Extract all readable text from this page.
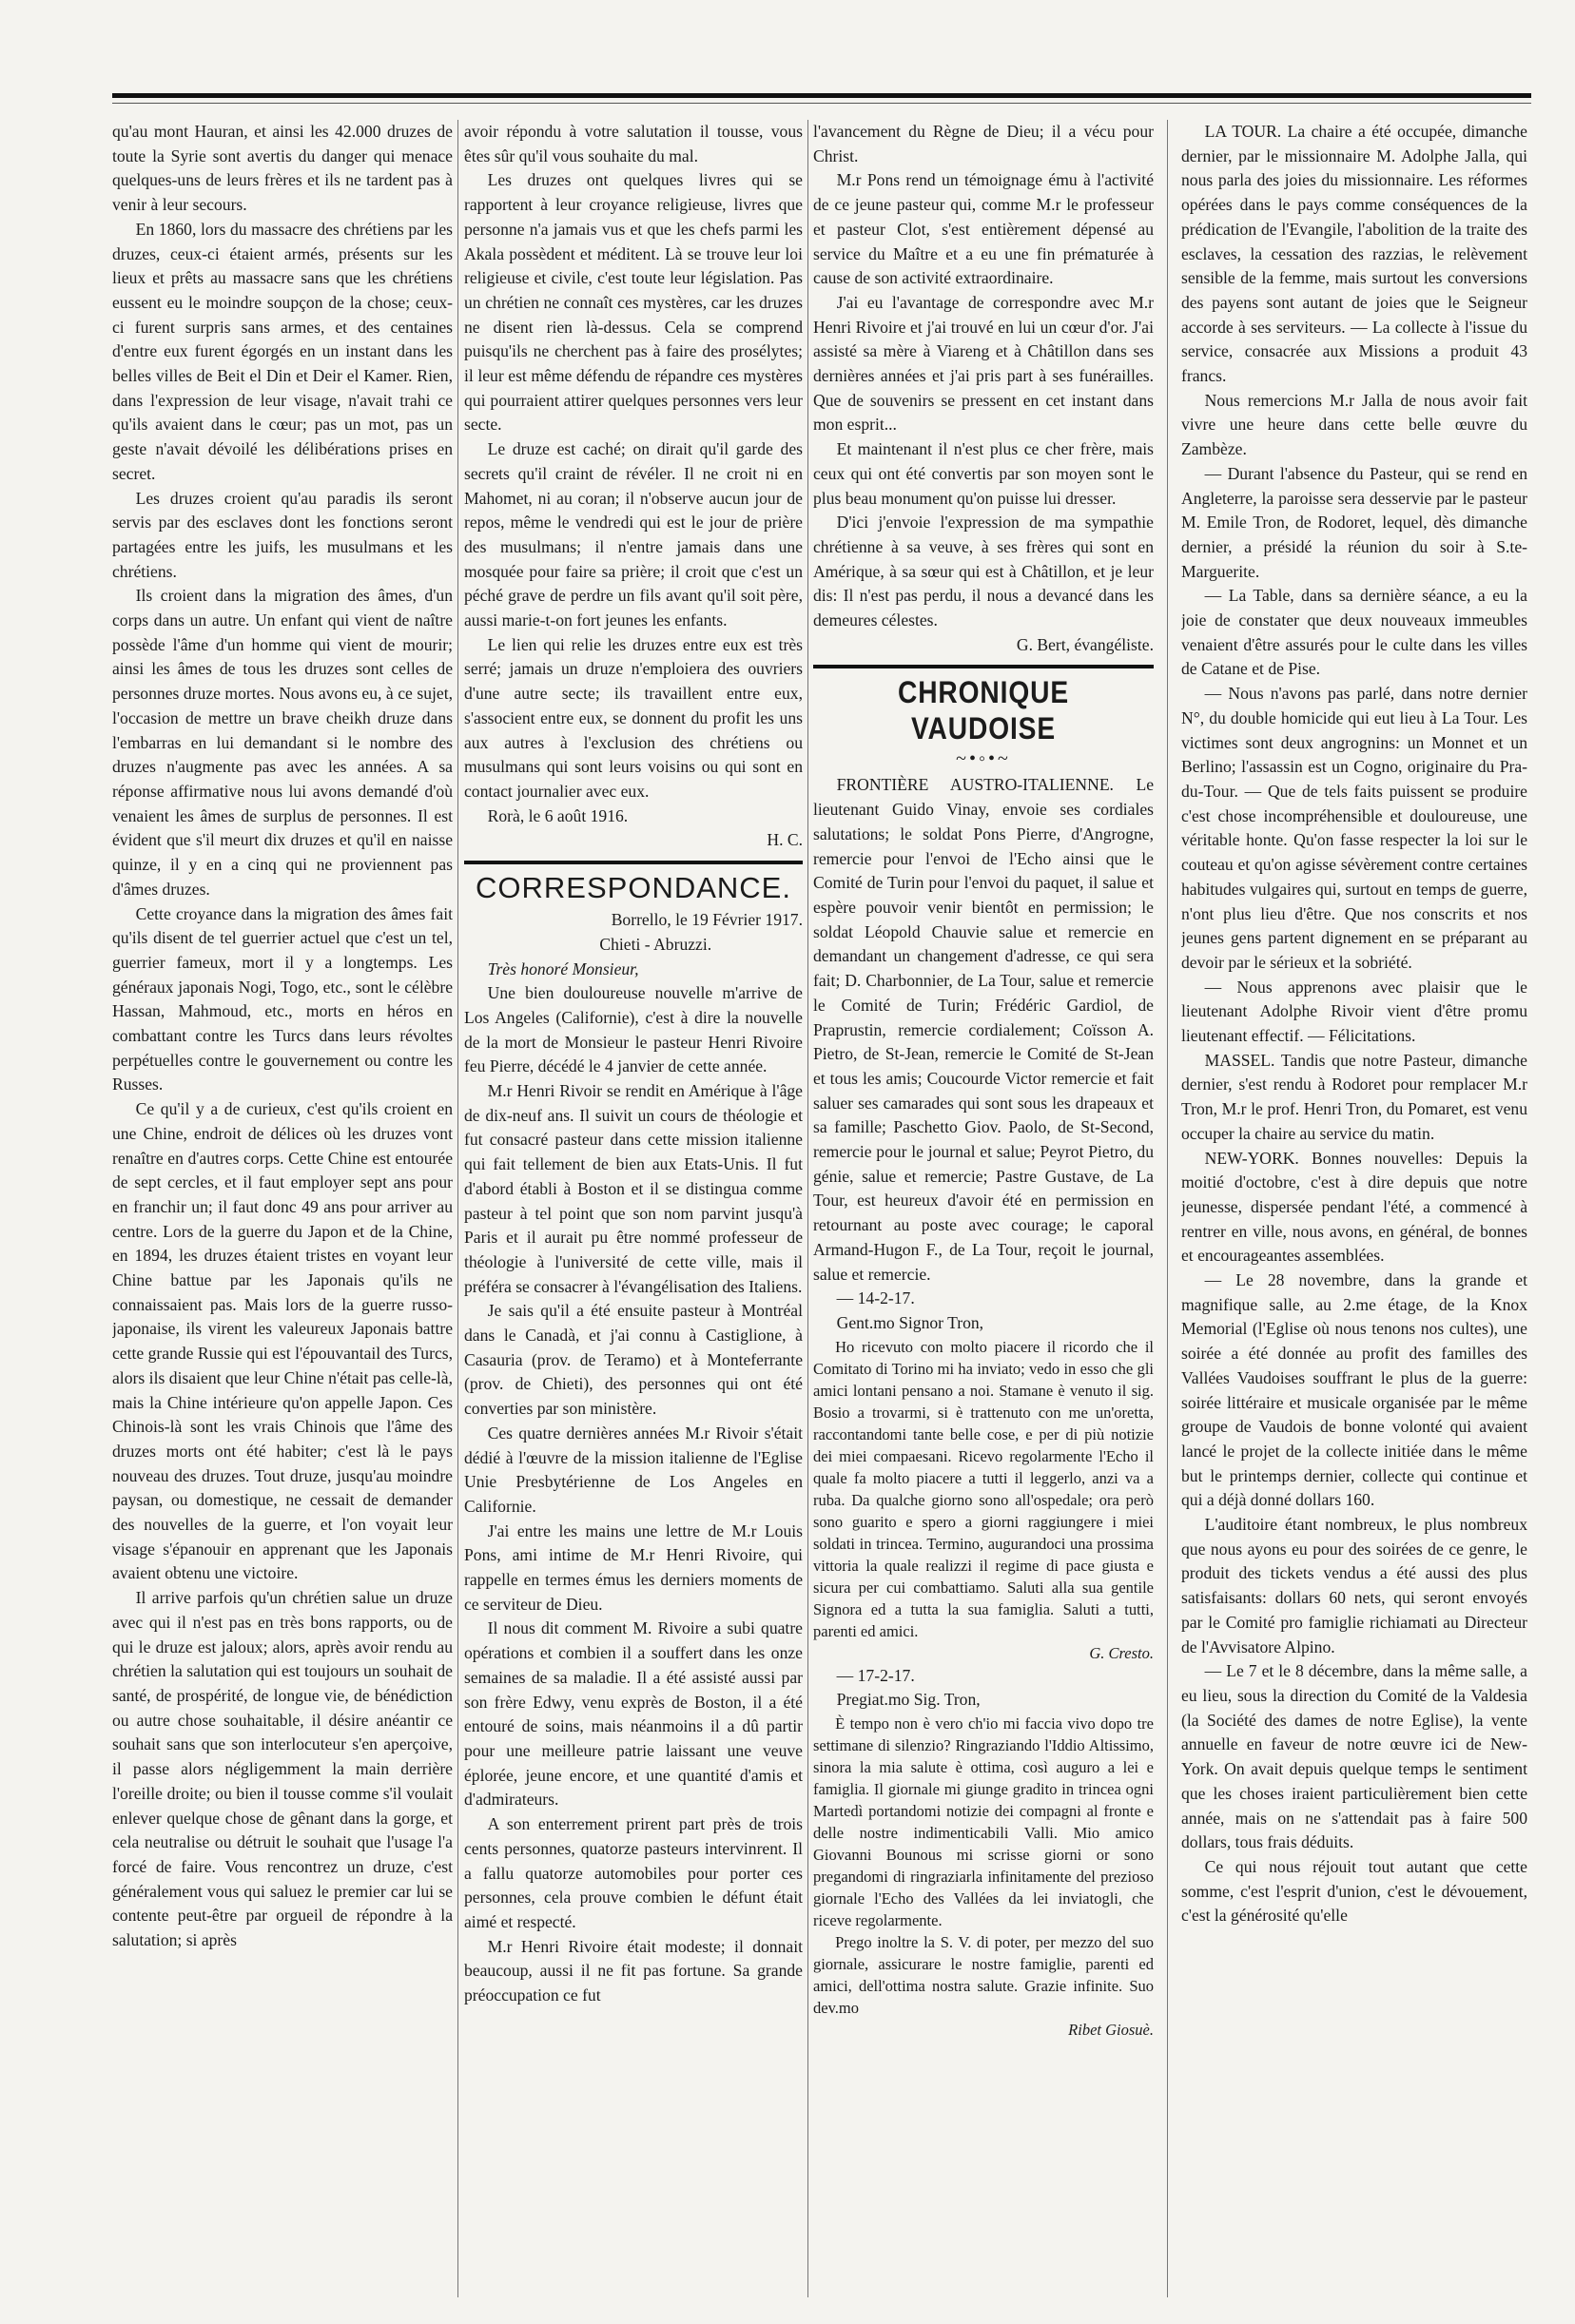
qu'au mont Hauran, et ainsi les 42.000 druzes de toute la Syrie sont avertis du danger qui menace quelques-uns de leurs frères et ils ne tardent pas à venir à leur secours.

En 1860, lors du massacre des chrétiens par les druzes, ceux-ci étaient armés, présents sur les lieux et prêts au massacre sans que les chrétiens eussent eu le moindre soupçon de la chose; ceux-ci furent surpris sans armes, et des centaines d'entre eux furent égorgés en un instant dans les belles villes de Beit el Din et Deir el Kamer. Rien, dans l'expression de leur visage, n'avait trahi ce qu'ils avaient dans le cœur; pas un mot, pas un geste n'avait dévoilé les délibérations prises en secret.

Les druzes croient qu'au paradis ils seront servis par des esclaves dont les fonctions seront partagées entre les juifs, les musulmans et les chrétiens.

Ils croient dans la migration des âmes, d'un corps dans un autre. Un enfant qui vient de naître possède l'âme d'un homme qui vient de mourir; ainsi les âmes de tous les druzes sont celles de personnes druze mortes. Nous avons eu, à ce sujet, l'occasion de mettre un brave cheikh druze dans l'embarras en lui demandant si le nombre des druzes n'augmente pas avec les années. A sa réponse affirmative nous lui avons demandé d'où venaient les âmes de surplus de personnes. Il est évident que s'il meurt dix druzes et qu'il en naisse quinze, il y en a cinq qui ne proviennent pas d'âmes druzes.

Cette croyance dans la migration des âmes fait qu'ils disent de tel guerrier actuel que c'est un tel, guerrier fameux, mort il y a longtemps. Les généraux japonais Nogi, Togo, etc., sont le célèbre Hassan, Mahmoud, etc., morts en héros en combattant contre les Turcs dans leurs révoltes perpétuelles contre le gouvernement ou contre les Russes.

Ce qu'il y a de curieux, c'est qu'ils croient en une Chine, endroit de délices où les druzes vont renaître en d'autres corps. Cette Chine est entourée de sept cercles, et il faut employer sept ans pour en franchir un; il faut donc 49 ans pour arriver au centre. Lors de la guerre du Japon et de la Chine, en 1894, les druzes étaient tristes en voyant leur Chine battue par les Japonais qu'ils ne connaissaient pas. Mais lors de la guerre russo-japonaise, ils virent les valeureux Japonais battre cette grande Russie qui est l'épouvantail des Turcs, alors ils disaient que leur Chine n'était pas celle-là, mais la Chine intérieure qu'on appelle Japon. Ces Chinois-là sont les vrais Chinois que l'âme des druzes morts ont été habiter; c'est là le pays nouveau des druzes. Tout druze, jusqu'au moindre paysan, ou domestique, ne cessait de demander des nouvelles de la guerre, et l'on voyait leur visage s'épanouir en apprenant que les Japonais avaient obtenu une victoire.

Il arrive parfois qu'un chrétien salue un druze avec qui il n'est pas en très bons rapports, ou de qui le druze est jaloux; alors, après avoir rendu au chrétien la salutation qui est toujours un souhait de santé, de prospérité, de longue vie, de bénédiction ou autre chose souhaitable, il désire anéantir ce souhait sans que son interlocuteur s'en aperçoive, il passe alors négligemment la main derrière l'oreille droite; ou bien il tousse comme s'il voulait enlever quelque chose de gênant dans la gorge, et cela neutralise ou détruit le souhait que l'usage l'a forcé de faire. Vous rencontrez un druze, c'est généralement vous qui saluez le premier car lui se contente peut-être par orgueil de répondre à la salutation; si après

avoir répondu à votre salutation il tousse, vous êtes sûr qu'il vous souhaite du mal.

Les druzes ont quelques livres qui se rapportent à leur croyance religieuse, livres que personne n'a jamais vus et que les chefs parmi les Akala possèdent et méditent. Là se trouve leur loi religieuse et civile, c'est toute leur législation. Pas un chrétien ne connaît ces mystères, car les druzes ne disent rien là-dessus. Cela se comprend puisqu'ils ne cherchent pas à faire des prosélytes; il leur est même défendu de répandre ces mystères qui pourraient attirer quelques personnes vers leur secte.

Le druze est caché; on dirait qu'il garde des secrets qu'il craint de révéler. Il ne croit ni en Mahomet, ni au coran; il n'observe aucun jour de repos, même le vendredi qui est le jour de prière des musulmans; il n'entre jamais dans une mosquée pour faire sa prière; il croit que c'est un péché grave de perdre un fils avant qu'il soit père, aussi marie-t-on fort jeunes les enfants.

Le lien qui relie les druzes entre eux est très serré; jamais un druze n'emploiera des ouvriers d'une autre secte; ils travaillent entre eux, s'associent entre eux, se donnent du profit les uns aux autres à l'exclusion des chrétiens ou musulmans qui sont leurs voisins ou qui sont en contact journalier avec eux.

Rorà, le 6 août 1916.

H. C.

CORRESPONDANCE.

Borrello, le 19 Février 1917.

Chieti - Abruzzi.

Très honoré Monsieur,

Une bien douloureuse nouvelle m'arrive de Los Angeles (Californie), c'est à dire la nouvelle de la mort de Monsieur le pasteur Henri Rivoire feu Pierre, décédé le 4 janvier de cette année.

M.r Henri Rivoir se rendit en Amérique à l'âge de dix-neuf ans. Il suivit un cours de théologie et fut consacré pasteur dans cette mission italienne qui fait tellement de bien aux Etats-Unis. Il fut d'abord établi à Boston et il se distingua comme pasteur à tel point que son nom parvint jusqu'à Paris et il aurait pu être nommé professeur de théologie à l'université de cette ville, mais il préféra se consacrer à l'évangélisation des Italiens.

Je sais qu'il a été ensuite pasteur à Montréal dans le Canadà, et j'ai connu à Castiglione, à Casauria (prov. de Teramo) et à Monteferrante (prov. de Chieti), des personnes qui ont été converties par son ministère.

Ces quatre dernières années M.r Rivoir s'était dédié à l'œuvre de la mission italienne de l'Eglise Unie Presbytérienne de Los Angeles en Californie.

J'ai entre les mains une lettre de M.r Louis Pons, ami intime de M.r Henri Rivoire, qui rappelle en termes émus les derniers moments de ce serviteur de Dieu.

Il nous dit comment M. Rivoire a subi quatre opérations et combien il a souffert dans les onze semaines de sa maladie. Il a été assisté aussi par son frère Edwy, venu exprès de Boston, il a été entouré de soins, mais néanmoins il a dû partir pour une meilleure patrie laissant une veuve éplorée, jeune encore, et une quantité d'amis et d'admirateurs.

A son enterrement prirent part près de trois cents personnes, quatorze pasteurs intervinrent. Il a fallu quatorze automobiles pour porter ces personnes, cela prouve combien le défunt était aimé et respecté.

M.r Henri Rivoire était modeste; il donnait beaucoup, aussi il ne fit pas fortune. Sa grande préoccupation ce fut

l'avancement du Règne de Dieu; il a vécu pour Christ.

M.r Pons rend un témoignage ému à l'activité de ce jeune pasteur qui, comme M.r le professeur et pasteur Clot, s'est entièrement dépensé au service du Maître et a eu une fin prématurée à cause de son activité extraordinaire.

J'ai eu l'avantage de correspondre avec M.r Henri Rivoire et j'ai trouvé en lui un cœur d'or. J'ai assisté sa mère à Viareng et à Châtillon dans ses dernières années et j'ai pris part à ses funérailles. Que de souvenirs se pressent en cet instant dans mon esprit...

Et maintenant il n'est plus ce cher frère, mais ceux qui ont été convertis par son moyen sont le plus beau monument qu'on puisse lui dresser.

D'ici j'envoie l'expression de ma sympathie chrétienne à sa veuve, à ses frères qui sont en Amérique, à sa sœur qui est à Châtillon, et je leur dis: Il n'est pas perdu, il nous a devancé dans les demeures célestes.

G. Bert, évangéliste.

CHRONIQUE VAUDOISE
~•◦•~

FRONTIÈRE AUSTRO-ITALIENNE. Le lieutenant Guido Vinay, envoie ses cordiales salutations; le soldat Pons Pierre, d'Angrogne, remercie pour l'envoi de l'Echo ainsi que le Comité de Turin pour l'envoi du paquet, il salue et espère pouvoir venir bientôt en permission; le soldat Léopold Chauvie salue et remercie en demandant un changement d'adresse, ce qui sera fait; D. Charbonnier, de La Tour, salue et remercie le Comité de Turin; Frédéric Gardiol, de Praprustin, remercie cordialement; Coïsson A. Pietro, de St-Jean, remercie le Comité de St-Jean et tous les amis; Coucourde Victor remercie et fait saluer ses camarades qui sont sous les drapeaux et sa famille; Paschetto Giov. Paolo, de St-Second, remercie pour le journal et salue; Peyrot Pietro, du génie, salue et remercie; Pastre Gustave, de La Tour, est heureux d'avoir été en permission en retournant au poste avec courage; le caporal Armand-Hugon F., de La Tour, reçoit le journal, salue et remercie.

— 14-2-17.

Gent.mo Signor Tron,

Ho ricevuto con molto piacere il ricordo che il Comitato di Torino mi ha inviato; vedo in esso che gli amici lontani pensano a noi. Stamane è venuto il sig. Bosio a trovarmi, si è trattenuto con me un'oretta, raccontandomi tante belle cose, e per di più notizie dei miei compaesani. Ricevo regolarmente l'Echo il quale fa molto piacere a tutti il leggerlo, anzi va a ruba. Da qualche giorno sono all'ospedale; ora però sono guarito e spero a giorni raggiungere i miei soldati in trincea. Termino, augurandoci una prossima vittoria la quale realizzi il regime di pace giusta e sicura per cui combattiamo. Saluti alla sua gentile Signora ed a tutta la sua famiglia. Saluti a tutti, parenti ed amici.

G. Cresto.

— 17-2-17.

Pregiat.mo Sig. Tron,

È tempo non è vero ch'io mi faccia vivo dopo tre settimane di silenzio? Ringraziando l'Iddio Altissimo, sinora la mia salute è ottima, così auguro a lei e famiglia. Il giornale mi giunge gradito in trincea ogni Martedì portandomi notizie dei compagni al fronte e delle nostre indimenticabili Valli. Mio amico Giovanni Bounous mi scrisse giorni or sono pregandomi di ringraziarla infinitamente del prezioso giornale l'Echo des Vallées da lei inviatogli, che riceve regolarmente.

Prego inoltre la S. V. di poter, per mezzo del suo giornale, assicurare le nostre famiglie, parenti ed amici, dell'ottima nostra salute. Grazie infinite. Suo dev.mo

Ribet Giosuè.

LA TOUR. La chaire a été occupée, dimanche dernier, par le missionnaire M. Adolphe Jalla, qui nous parla des joies du missionnaire. Les réformes opérées dans le pays comme conséquences de la prédication de l'Evangile, l'abolition de la traite des esclaves, la cessation des razzias, le relèvement sensible de la femme, mais surtout les conversions des payens sont autant de joies que le Seigneur accorde à ses serviteurs. — La collecte à l'issue du service, consacrée aux Missions a produit 43 francs.

Nous remercions M.r Jalla de nous avoir fait vivre une heure dans cette belle œuvre du Zambèze.

— Durant l'absence du Pasteur, qui se rend en Angleterre, la paroisse sera desservie par le pasteur M. Emile Tron, de Rodoret, lequel, dès dimanche dernier, a présidé la réunion du soir à S.te-Marguerite.

— La Table, dans sa dernière séance, a eu la joie de constater que deux nouveaux immeubles venaient d'être assurés pour le culte dans les villes de Catane et de Pise.

— Nous n'avons pas parlé, dans notre dernier N°, du double homicide qui eut lieu à La Tour. Les victimes sont deux angrognins: un Monnet et un Berlino; l'assassin est un Cogno, originaire du Pra-du-Tour. — Que de tels faits puissent se produire c'est chose incompréhensible et douloureuse, une véritable honte. Qu'on fasse respecter la loi sur le couteau et qu'on agisse sévèrement contre certaines habitudes vulgaires qui, surtout en temps de guerre, n'ont plus lieu d'être. Que nos conscrits et nos jeunes gens partent dignement en se préparant au devoir par le sérieux et la sobriété.

— Nous apprenons avec plaisir que le lieutenant Adolphe Rivoir vient d'être promu lieutenant effectif. — Félicitations.

MASSEL. Tandis que notre Pasteur, dimanche dernier, s'est rendu à Rodoret pour remplacer M.r Tron, M.r le prof. Henri Tron, du Pomaret, est venu occuper la chaire au service du matin.

NEW-YORK. Bonnes nouvelles: Depuis la moitié d'octobre, c'est à dire depuis que notre jeunesse, dispersée pendant l'été, a commencé à rentrer en ville, nous avons, en général, de bonnes et encourageantes assemblées.

— Le 28 novembre, dans la grande et magnifique salle, au 2.me étage, de la Knox Memorial (l'Eglise où nous tenons nos cultes), une soirée a été donnée au profit des familles des Vallées Vaudoises souffrant le plus de la guerre: soirée littéraire et musicale organisée par le même groupe de Vaudois de bonne volonté qui avaient lancé le projet de la collecte initiée dans le même but le printemps dernier, collecte qui continue et qui a déjà donné dollars 160.

L'auditoire étant nombreux, le plus nombreux que nous ayons eu pour des soirées de ce genre, le produit des tickets vendus a été aussi des plus satisfaisants: dollars 60 nets, qui seront envoyés par le Comité pro famiglie richiamati au Directeur de l'Avvisatore Alpino.

— Le 7 et le 8 décembre, dans la même salle, a eu lieu, sous la direction du Comité de la Valdesia (la Société des dames de notre Eglise), la vente annuelle en faveur de notre œuvre ici de New-York. On avait depuis quelque temps le sentiment que les choses iraient particulièrement bien cette année, mais on ne s'attendait pas à faire 500 dollars, tous frais déduits.

Ce qui nous réjouit tout autant que cette somme, c'est l'esprit d'union, c'est le dévouement, c'est la générosité qu'elle
